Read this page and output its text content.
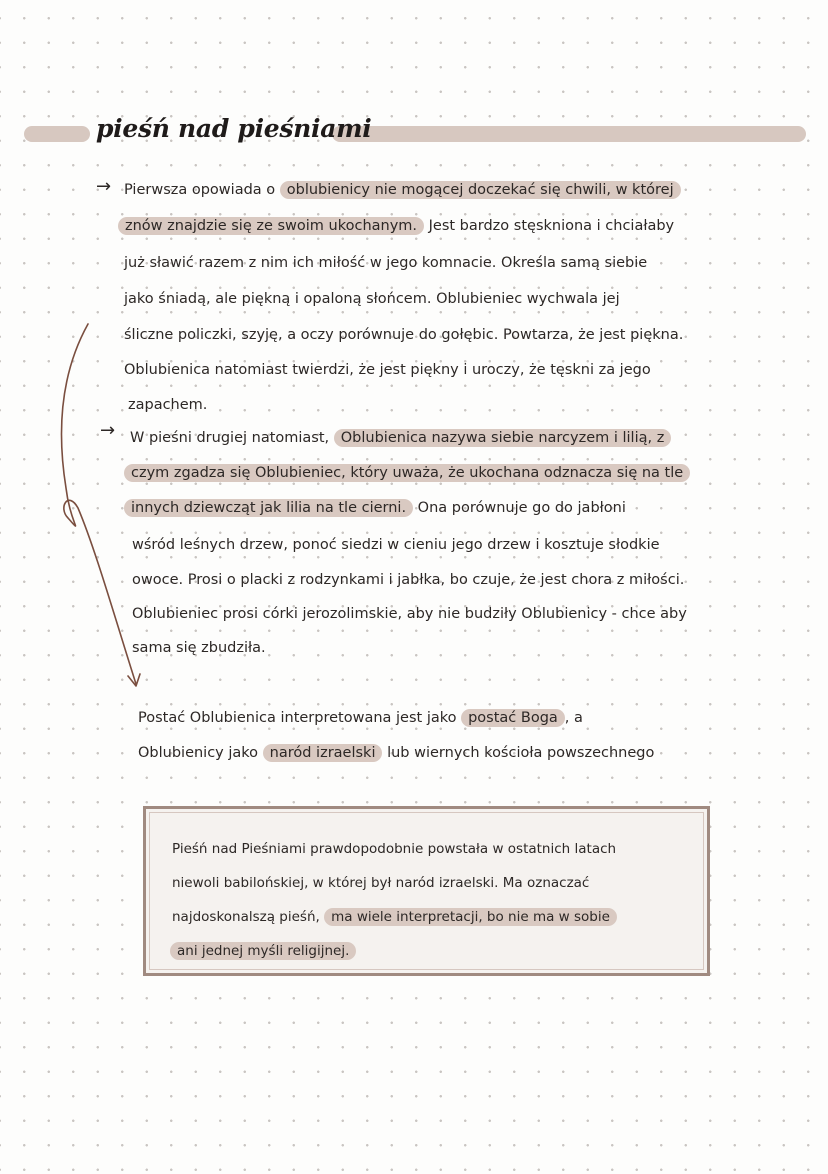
pieśń nad pieśniami
→ Pierwsza opowiada o oblubienicy nie mogącej doczekać się chwili, w której
znów znajdzie się ze swoim ukochanym. Jest bardzo stęskniona i chciałaby
już sławić razem z nim ich miłość w jego komnacie. Określa samą siebie
jako śniadą, ale piękną i opaloną słońcem. Oblubieniec wychwala jej
śliczne policzki, szyję, a oczy porównuje do gołębic. Powtarza, że jest piękna.
Oblubienica natomiast twierdzi, że jest piękny i uroczy, że tęskni za jego
zapachem.
→ W pieśni drugiej natomiast, Oblubienica nazywa siebie narcyzem i lilią, z
czym zgadza się Oblubieniec, który uważa, że ukochana odznacza się na tle
innych dziewcząt jak lilia na tle cierni. Ona porównuje go do jabłoni
wśród leśnych drzew, ponoć siedzi w cieniu jego drzew i kosztuje słodkie
owoce. Prosi o placki z rodzynkami i jabłka, bo czuje, że jest chora z miłości.
Oblubieniec prosi córki jerozolimskie, aby nie budziły Oblubienicy - chce aby
sama się zbudziła.
Postać Oblubienica interpretowana jest jako postać Boga , a
Oblubienicy jako naród izraelski lub wiernych kościoła powszechnego
Pieśń nad Pieśniami prawdopodobnie powstała w ostatnich latach
niewoli babilońskiej, w której był naród izraelski. Ma oznaczać
najdoskonalszą pieśń, ma wiele interpretacji, bo nie ma w sobie
ani jednej myśli religijnej.
